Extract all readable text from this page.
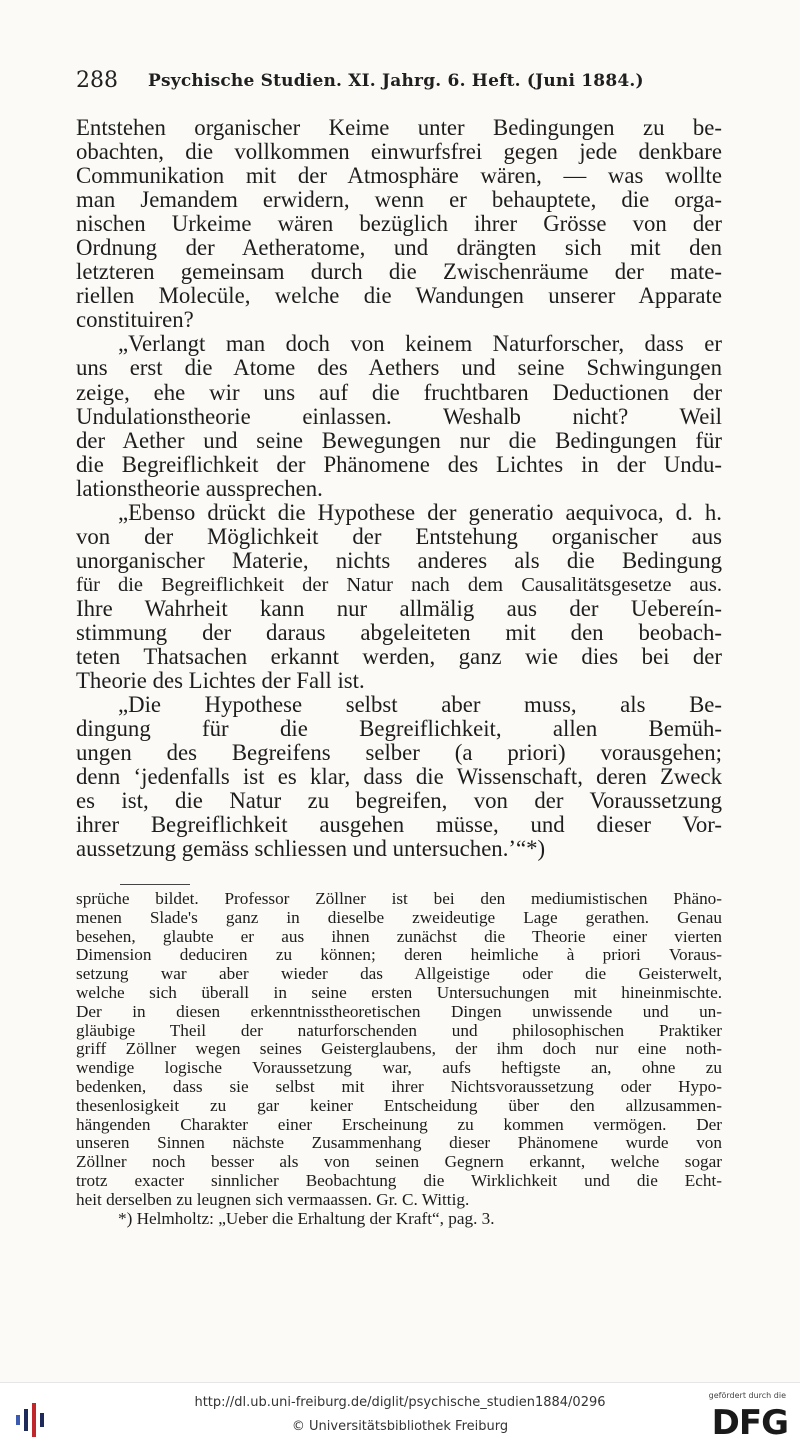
288 Psychische Studien. XI. Jahrg. 6. Heft. (Juni 1884.)
Entstehen organischer Keime unter Bedingungen zu be-
obachten, die vollkommen einwurfsfrei gegen jede denkbare
Communikation mit der Atmosphäre wären, — was wollte
man Jemandem erwidern, wenn er behauptete, die orga-
nischen Urkeime wären bezüglich ihrer Grösse von der
Ordnung der Aetheratome, und drängten sich mit den
letzteren gemeinsam durch die Zwischenräume der mate-
riellen Molecüle, welche die Wandungen unserer Apparate
constituiren?
„Verlangt man doch von keinem Naturforscher, dass er
uns erst die Atome des Aethers und seine Schwingungen
zeige, ehe wir uns auf die fruchtbaren Deductionen der
Undulationstheorie einlassen. Weshalb nicht? Weil
der Aether und seine Bewegungen nur die Bedingungen für
die Begreiflichkeit der Phänomene des Lichtes in der Undu-
lationstheorie aussprechen.
„Ebenso drückt die Hypothese der generatio aequivoca, d. h.
von der Möglichkeit der Entstehung organischer aus
unorganischer Materie, nichts anderes als die Bedingung
für die Begreiflichkeit der Natur nach dem Causalitätsgesetze aus.
Ihre Wahrheit kann nur allmälig aus der Uebereín-
stimmung der daraus abgeleiteten mit den beobach-
teten Thatsachen erkannt werden, ganz wie dies bei der
Theorie des Lichtes der Fall ist.
„Die Hypothese selbst aber muss, als Be-
dingung für die Begreiflichkeit, allen Bemüh-
ungen des Begreifens selber (a priori) vorausgehen;
denn ‘jedenfalls ist es klar, dass die Wissenschaft, deren Zweck
es ist, die Natur zu begreifen, von der Voraussetzung
ihrer Begreiflichkeit ausgehen müsse, und dieser Vor-
aussetzung gemäss schliessen und untersuchen.’“*)
sprüche bildet. Professor Zöllner ist bei den mediumistischen Phäno-
menen Slade's ganz in dieselbe zweideutige Lage gerathen. Genau
besehen, glaubte er aus ihnen zunächst die Theorie einer vierten
Dimension deduciren zu können; deren heimliche à priori Voraus-
setzung war aber wieder das Allgeistige oder die Geisterwelt,
welche sich überall in seine ersten Untersuchungen mit hineinmischte.
Der in diesen erkenntnisstheoretischen Dingen unwissende und un-
gläubige Theil der naturforschenden und philosophischen Praktiker
griff Zöllner wegen seines Geisterglaubens, der ihm doch nur eine noth-
wendige logische Voraussetzung war, aufs heftigste an, ohne zu
bedenken, dass sie selbst mit ihrer Nichtsvoraussetzung oder Hypo-
thesenlosigkeit zu gar keiner Entscheidung über den allzusammen-
hängenden Charakter einer Erscheinung zu kommen vermögen. Der
unseren Sinnen nächste Zusammenhang dieser Phänomene wurde von
Zöllner noch besser als von seinen Gegnern erkannt, welche sogar
trotz exacter sinnlicher Beobachtung die Wirklichkeit und die Echt-
heit derselben zu leugnen sich vermaassen. Gr. C. Wittig.
*) Helmholtz: „Ueber die Erhaltung der Kraft“, pag. 3.
http://dl.ub.uni-freiburg.de/diglit/psychische_studien1884/0296
© Universitätsbibliothek Freiburg
gefördert durch die
DFG
